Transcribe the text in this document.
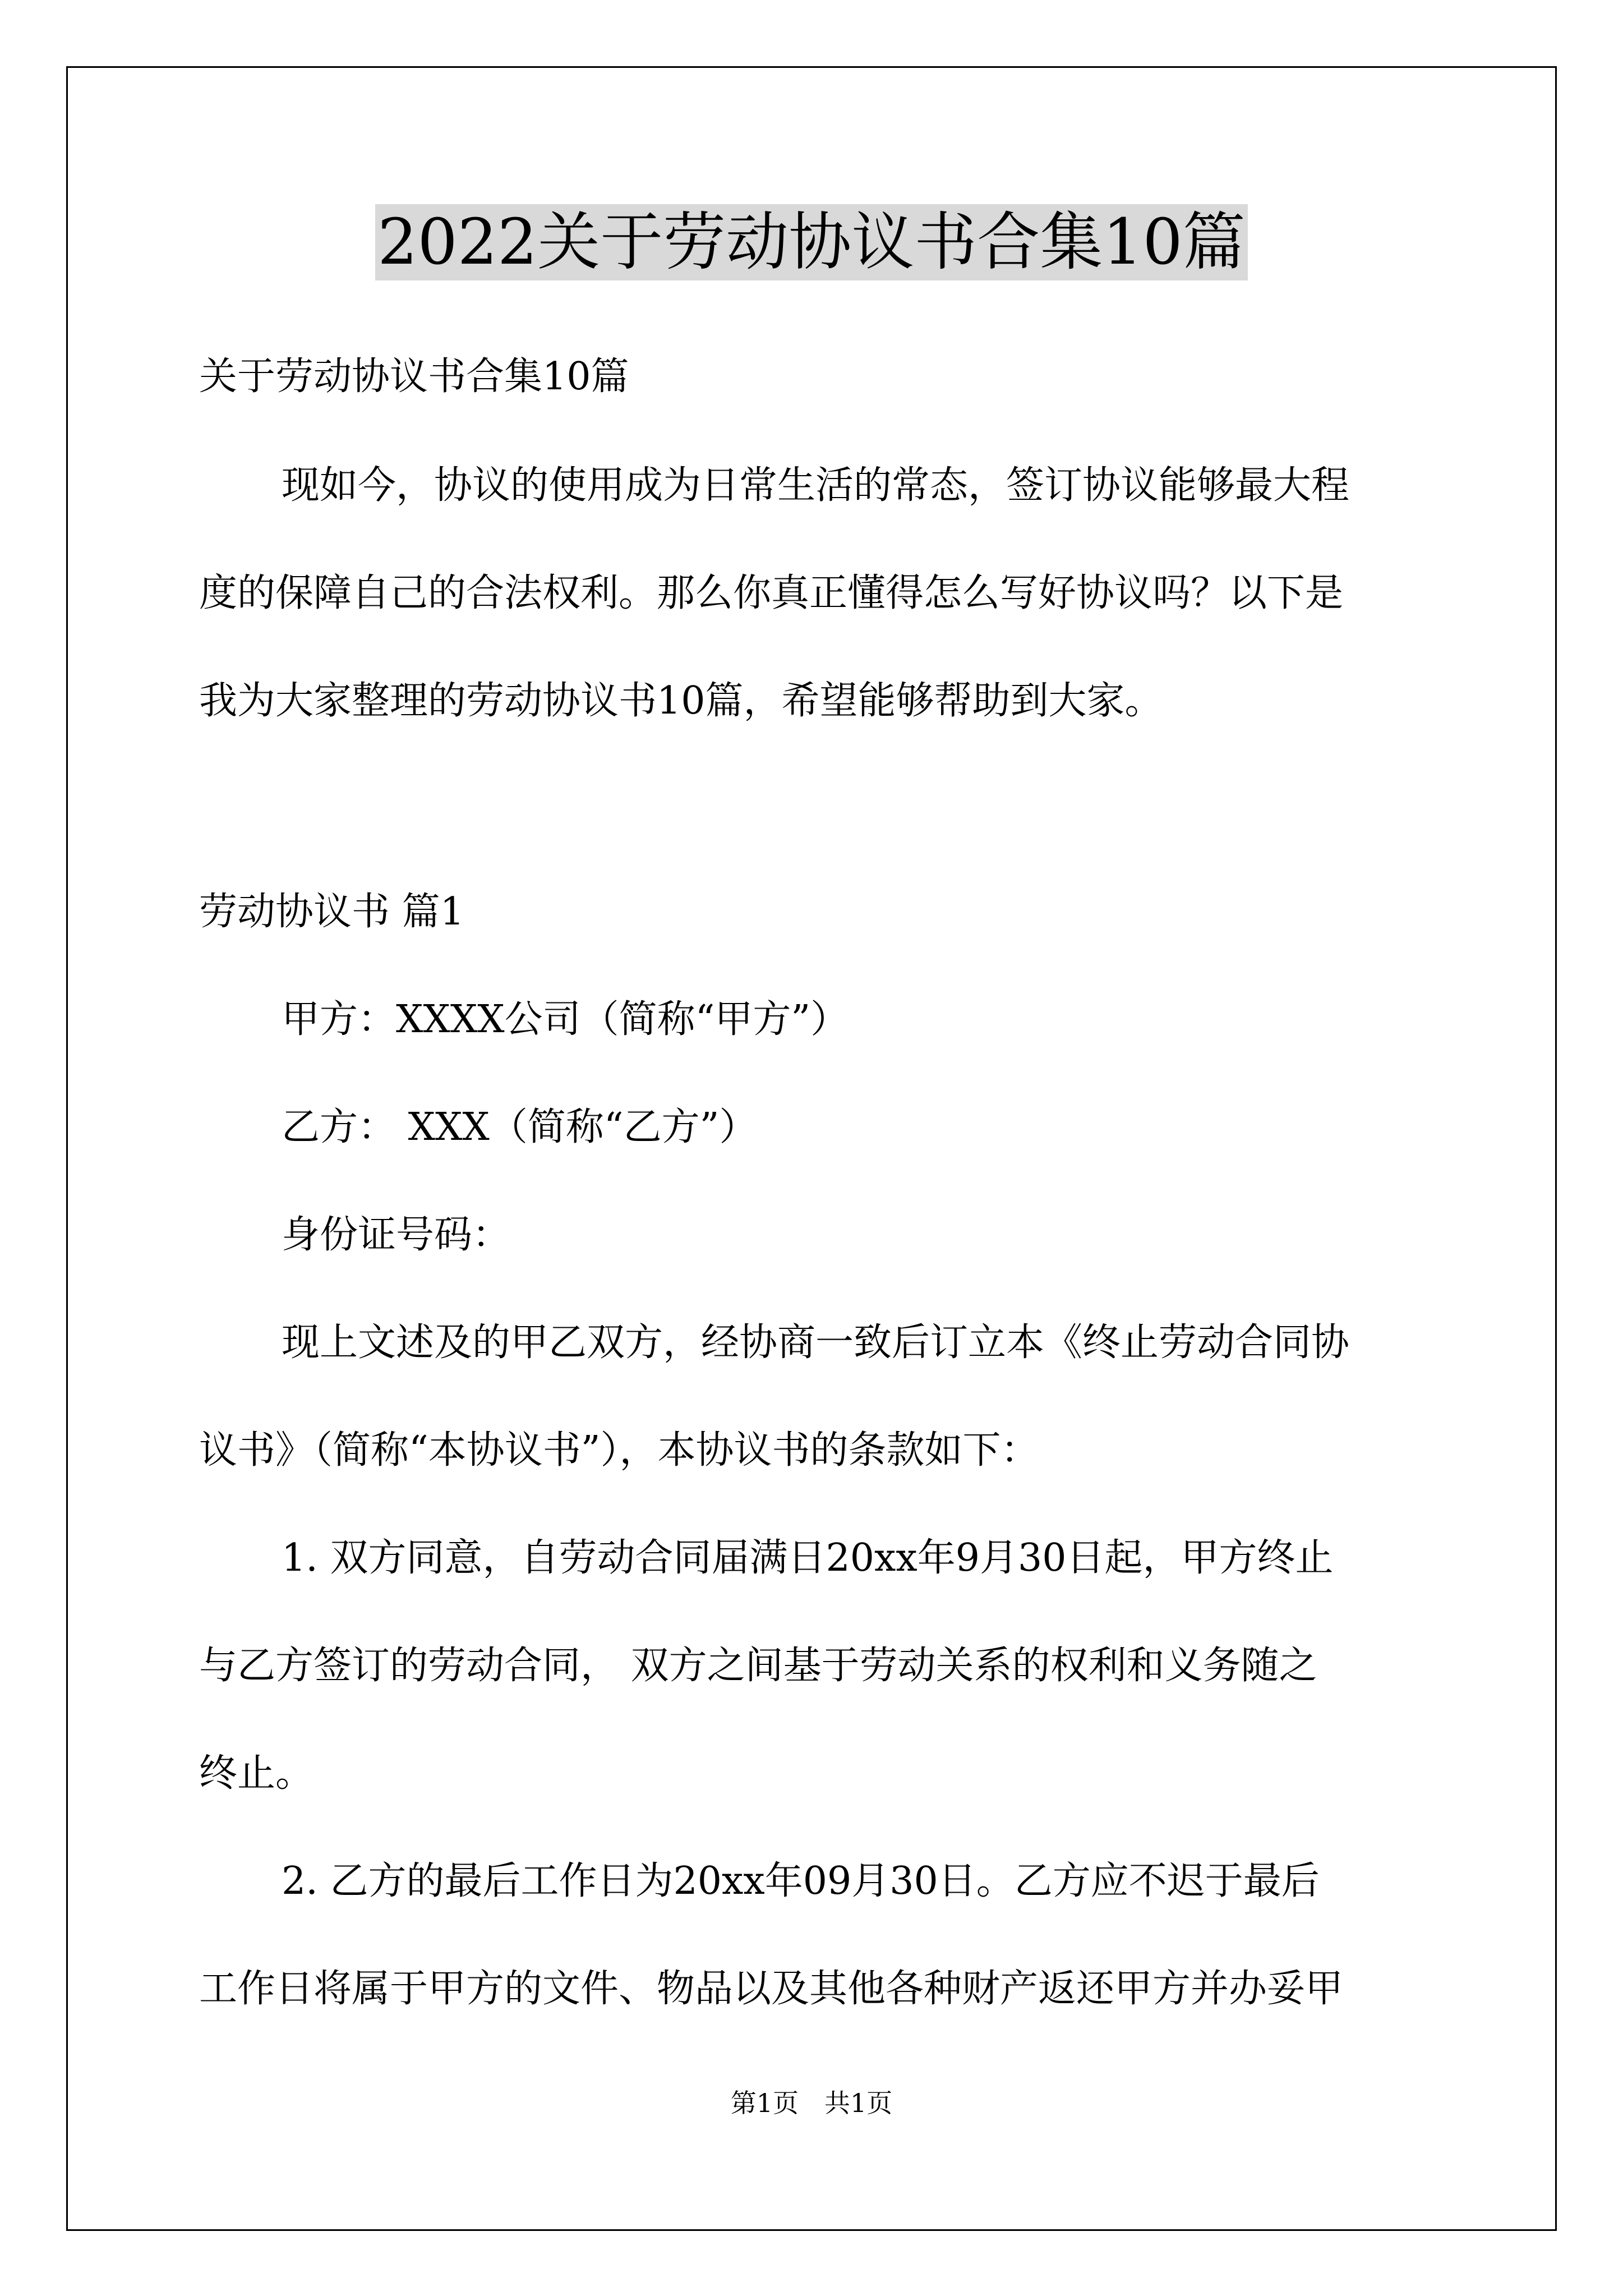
2022关于劳动协议书合集10篇
关于劳动协议书合集10篇
现如今，协议的使用成为日常生活的常态，签订协议能够最大程
度的保障自己的合法权利。那么你真正懂得怎么写好协议吗？以下是
我为大家整理的劳动协议书10篇，希望能够帮助到大家。
劳动协议书 篇1
甲方：XXXX公司（简称“甲方”）
乙方： XXX（简称“乙方”）
身份证号码：
现上文述及的甲乙双方，经协商一致后订立本《终止劳动合同协
议书》（简称“本协议书”），本协议书的条款如下：
1. 双方同意，自劳动合同届满日20xx年9月30日起，甲方终止
与乙方签订的劳动合同， 双方之间基于劳动关系的权利和义务随之
终止。
2. 乙方的最后工作日为20xx年09月30日。乙方应不迟于最后
工作日将属于甲方的文件、物品以及其他各种财产返还甲方并办妥甲
第1页　共1页
